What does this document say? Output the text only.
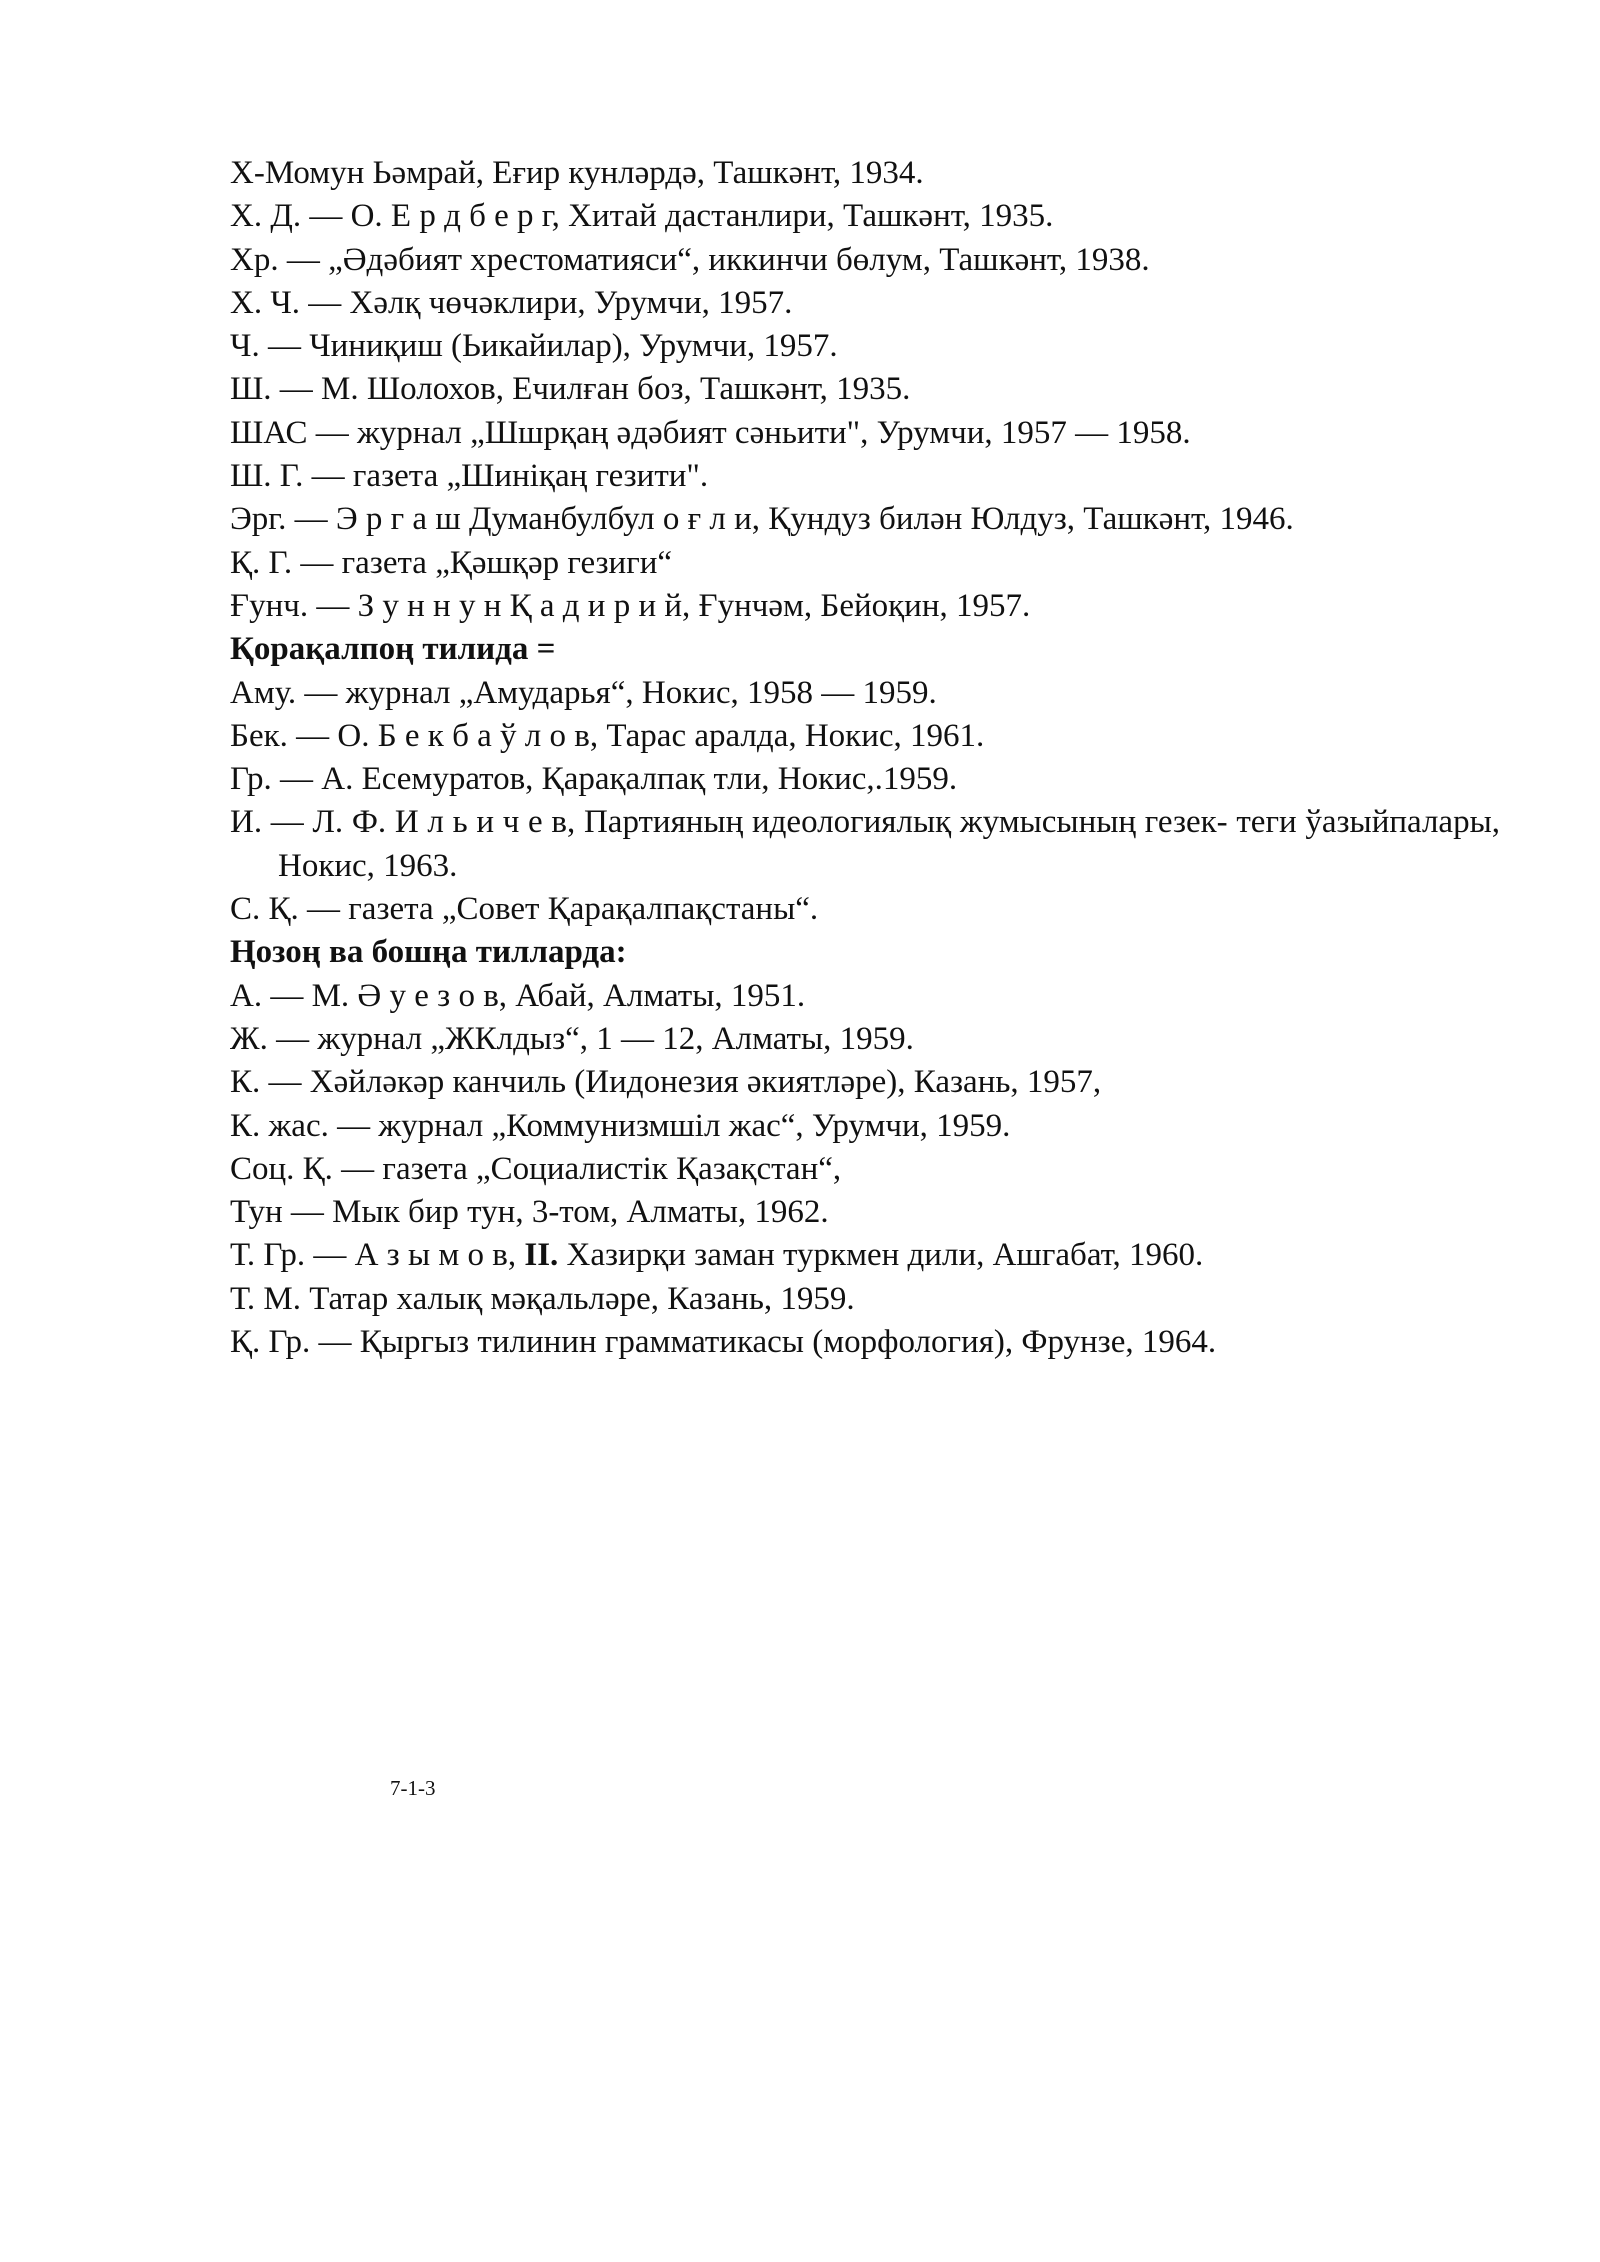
Х-Момун Ьәмрай, Еғир кунләрдә, Ташкәнт, 1934.
Х. Д. — О. Е р д б е р г, Хитай дастанлири, Ташкәнт, 1935.
Хр. — „Әдәбият хрестоматияси“, иккинчи бөлум, Ташкәнт, 1938.
Х. Ч. — Хәлқ чөчәклири, Урумчи, 1957.
Ч. — Чиниқиш (Ьикайилар), Урумчи, 1957.
Ш. — М. Шолохов, Ечилған боз, Ташкәнт, 1935.
ШАС — журнал „Шшрқаң әдәбият сәньити", Урумчи, 1957 — 1958.
Ш. Г. — газета „Шиніқаң гезити".
Эрг. — Э р г а ш Думанбулбул о ғ л и, Қундуз билән Юлдуз, Ташкәнт, 1946.
Қ. Г. — газета „Қәшқәр гезиги“
Ғунч. — З у н н у н Қ а д и р и й, Ғунчәм, Бейоқин, 1957.
Қорақалпоң тилида =
Аму. — журнал „Амударья“, Нокис, 1958 — 1959.
Бек. — О. Б е к б а ў л о в, Тарас аралда, Нокис, 1961.
Гр. — А. Есемуратов, Қарақалпақ тли, Нокис,.1959.
И. — Л. Ф. И л ь и ч е в, Партияның идеологиялық жумысының гезек- теги ўазыйпалары, Нокис, 1963.
С. Қ. — газета „Совет Қарақалпақстаны“.
Ңозоң ва бошңа тилларда:
А. — М. Ә у е з о в, Абай, Алматы, 1951.
Ж. — журнал „ЖКлдыз“, 1 — 12, Алматы, 1959.
К. — Хәйләкәр канчиль (Иидонезия әкиятләре), Казань, 1957,
К. жас. — журнал „Коммунизмшіл жас“, Урумчи, 1959.
Соц. Қ. — газета „Социалистік Қазақстан“,
Тун — Мык бир тун, 3-том, Алматы, 1962.
Т. Гр. — А з ы м о в, II. Хазирқи заман туркмен дили, Ашгабат, 1960.
Т. М. Татар халық мәқальләре, Казань, 1959.
Қ. Гр. — Қыргыз тилинин грамматикасы (морфология), Фрунзе, 1964.
7-1-3
